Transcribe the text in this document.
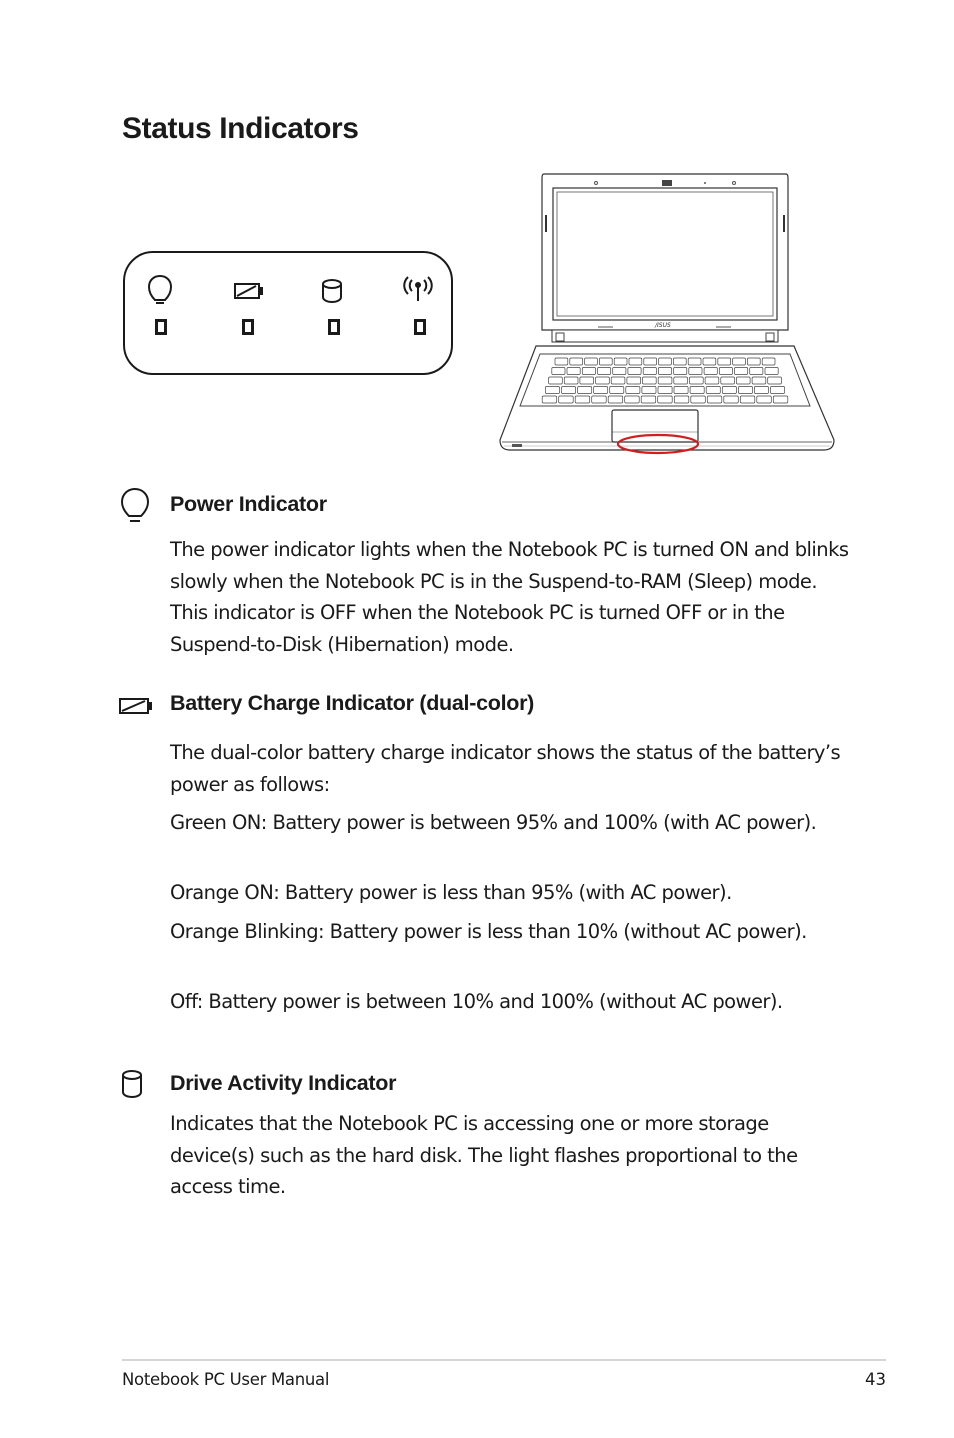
Status Indicators
/ISUS
Power Indicator
The power indicator lights when the Notebook PC is turned ON and blinks slowly when the Notebook PC is in the Suspend-to-RAM (Sleep) mode. This indicator is OFF when the Notebook PC is turned OFF or in the Suspend-to-Disk (Hibernation) mode.
Battery Charge Indicator (dual-color)
The dual-color battery charge indicator shows the status of the battery’s power as follows:
Green ON: Battery power is between 95% and 100% (with AC power).
Orange ON: Battery power is less than 95% (with AC power).
Orange Blinking: Battery power is less than 10% (without AC power).
Off: Battery power is between 10% and 100% (without AC power).
Drive Activity Indicator
Indicates that the Notebook PC is accessing one or more storage device(s) such as the hard disk. The light flashes proportional to the access time.
Notebook PC User Manual	43
